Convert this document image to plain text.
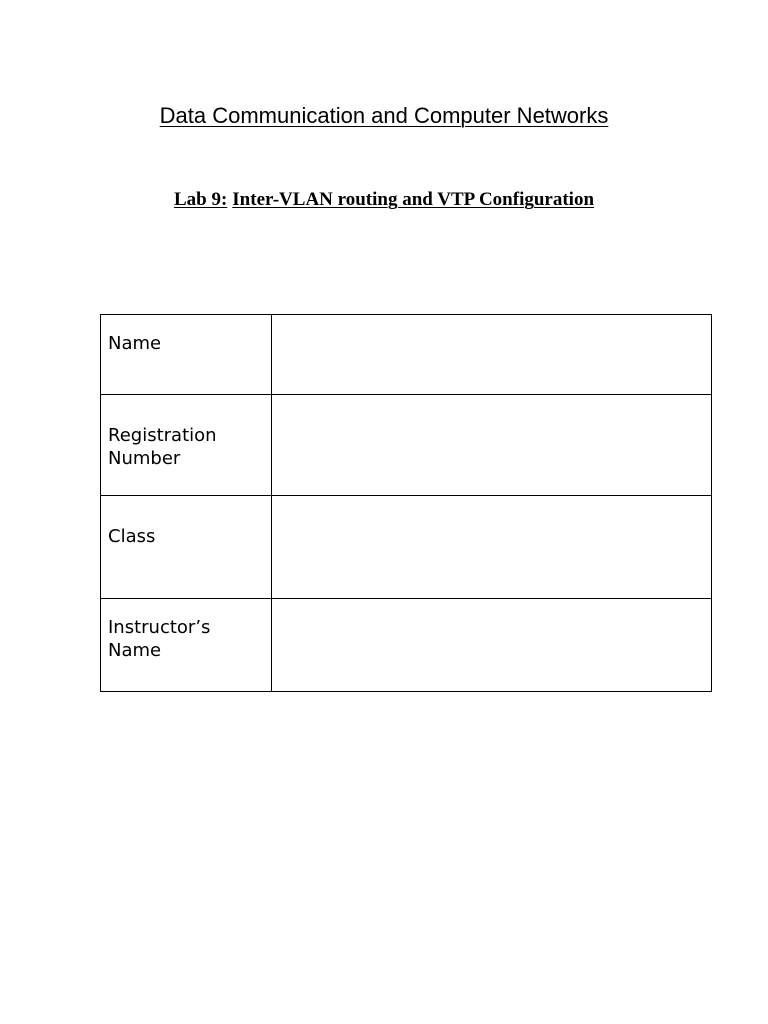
Data Communication and Computer Networks
Lab 9: Inter-VLAN routing and VTP Configuration
Name	

Registration
Number	

Class	

Instructor’s
Name	
